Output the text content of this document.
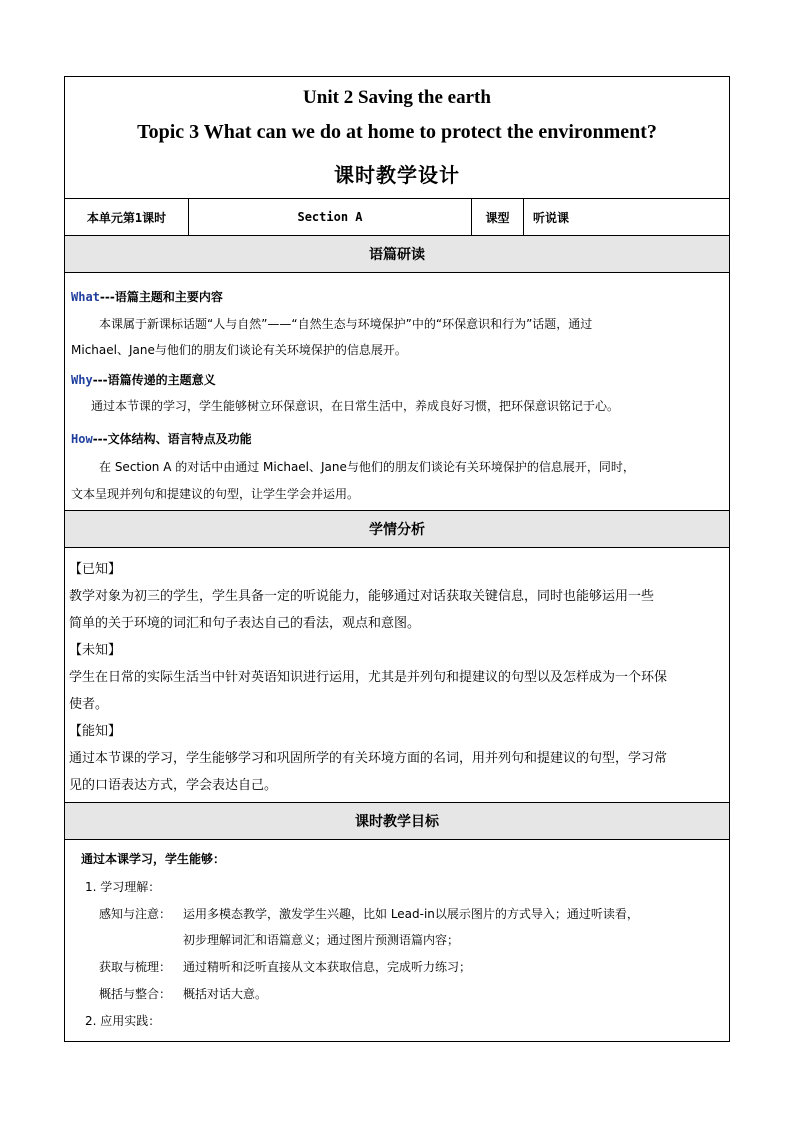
Unit 2 Saving the earth
Topic 3 What can we do at home to protect the environment?
课时教学设计
本单元第1课时	Section A	课型	听说课
语篇研读
What---语篇主题和主要内容
本课属于新课标话题“人与自然”——“自然生态与环境保护”中的“环保意识和行为”话题，通过
Michael、Jane与他们的朋友们谈论有关环境保护的信息展开。
Why---语篇传递的主题意义
通过本节课的学习，学生能够树立环保意识，在日常生活中，养成良好习惯，把环保意识铭记于心。
How---文体结构、语言特点及功能
在 Section A 的对话中由通过 Michael、Jane与他们的朋友们谈论有关环境保护的信息展开，同时，
文本呈现并列句和提建议的句型，让学生学会并运用。
学情分析
【已知】
教学对象为初三的学生，学生具备一定的听说能力，能够通过对话获取关键信息，同时也能够运用一些
简单的关于环境的词汇和句子表达自己的看法，观点和意图。
【未知】
学生在日常的实际生活当中针对英语知识进行运用，尤其是并列句和提建议的句型以及怎样成为一个环保
使者。
【能知】
通过本节课的学习，学生能够学习和巩固所学的有关环境方面的名词，用并列句和提建议的句型，学习常
见的口语表达方式，学会表达自己。
课时教学目标
通过本课学习，学生能够：
1. 学习理解：
感知与注意： 运用多模态教学，激发学生兴趣，比如 Lead-in以展示图片的方式导入；通过听读看，
初步理解词汇和语篇意义；通过图片预测语篇内容；
获取与梳理： 通过精听和泛听直接从文本获取信息，完成听力练习；
概括与整合： 概括对话大意。
2. 应用实践：
